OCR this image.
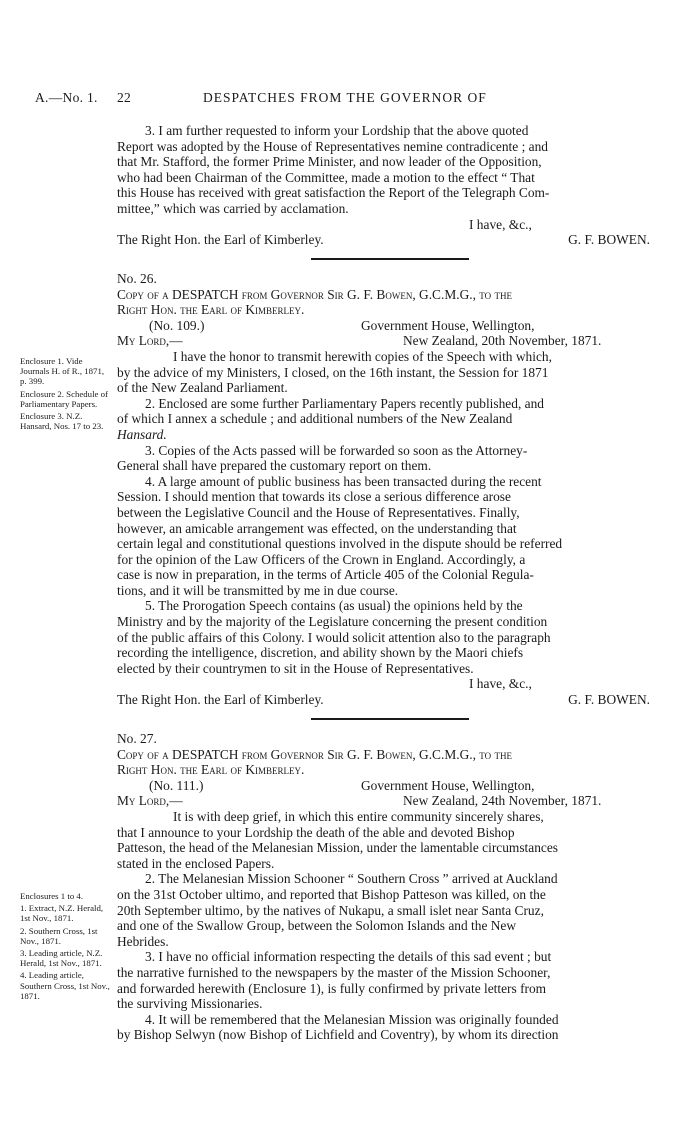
A.—No. 1. 22	DESPATCHES FROM THE GOVERNOR OF

3. I am further requested to inform your Lordship that the above quoted

Report was adopted by the House of Representatives nemine contradicente ; and

that Mr. Stafford, the former Prime Minister, and now leader of the Opposition,

who had been Chairman of the Committee, made a motion to the effect “ That

this House has received with great satisfaction the Report of the Telegraph Com-

mittee,” which was carried by acclamation.

I have, &c.,

The Right Hon. the Earl of Kimberley.	G. F. BOWEN.

No. 26.

Copy of a DESPATCH from Governor Sir G. F. Bowen, G.C.M.G., to the

Right Hon. the Earl of Kimberley.

(No. 109.)	Government House, Wellington,
My Lord,—	New Zealand, 20th November, 1871.

I have the honor to transmit herewith copies of the Speech with which,

by the advice of my Ministers, I closed, on the 16th instant, the Session for 1871

of the New Zealand Parliament.

2. Enclosed are some further Parliamentary Papers recently published, and

of which I annex a schedule ; and additional numbers of the New Zealand

Hansard.

3. Copies of the Acts passed will be forwarded so soon as the Attorney-

General shall have prepared the customary report on them.

4. A large amount of public business has been transacted during the recent

Session. I should mention that towards its close a serious difference arose

between the Legislative Council and the House of Representatives. Finally,

however, an amicable arrangement was effected, on the understanding that

certain legal and constitutional questions involved in the dispute should be referred

for the opinion of the Law Officers of the Crown in England. Accordingly, a

case is now in preparation, in the terms of Article 405 of the Colonial Regula-

tions, and it will be transmitted by me in due course.

5. The Prorogation Speech contains (as usual) the opinions held by the

Ministry and by the majority of the Legislature concerning the present condition

of the public affairs of this Colony. I would solicit attention also to the paragraph

recording the intelligence, discretion, and ability shown by the Maori chiefs

elected by their countrymen to sit in the House of Representatives.

I have, &c.,

The Right Hon. the Earl of Kimberley.	G. F. BOWEN.

Enclosure 1. Vide Journals H. of R., 1871, p. 399.

Enclosure 2. Schedule of Parliamentary Papers.

Enclosure 3. N.Z. Hansard, Nos. 17 to 23.

No. 27.

Copy of a DESPATCH from Governor Sir G. F. Bowen, G.C.M.G., to the

Right Hon. the Earl of Kimberley.

(No. 111.)	Government House, Wellington,
My Lord,—	New Zealand, 24th November, 1871.

It is with deep grief, in which this entire community sincerely shares,

that I announce to your Lordship the death of the able and devoted Bishop

Patteson, the head of the Melanesian Mission, under the lamentable circumstances

stated in the enclosed Papers.

2. The Melanesian Mission Schooner “ Southern Cross ” arrived at Auckland

on the 31st October ultimo, and reported that Bishop Patteson was killed, on the

20th September ultimo, by the natives of Nukapu, a small islet near Santa Cruz,

and one of the Swallow Group, between the Solomon Islands and the New

Hebrides.

3. I have no official information respecting the details of this sad event ; but

the narrative furnished to the newspapers by the master of the Mission Schooner,

and forwarded herewith (Enclosure 1), is fully confirmed by private letters from

the surviving Missionaries.

4. It will be remembered that the Melanesian Mission was originally founded

by Bishop Selwyn (now Bishop of Lichfield and Coventry), by whom its direction

Enclosures 1 to 4.

1. Extract, N.Z. Herald, 1st Nov., 1871.

2. Southern Cross, 1st Nov., 1871.

3. Leading article, N.Z. Herald, 1st Nov., 1871.

4. Leading article, Southern Cross, 1st Nov., 1871.
